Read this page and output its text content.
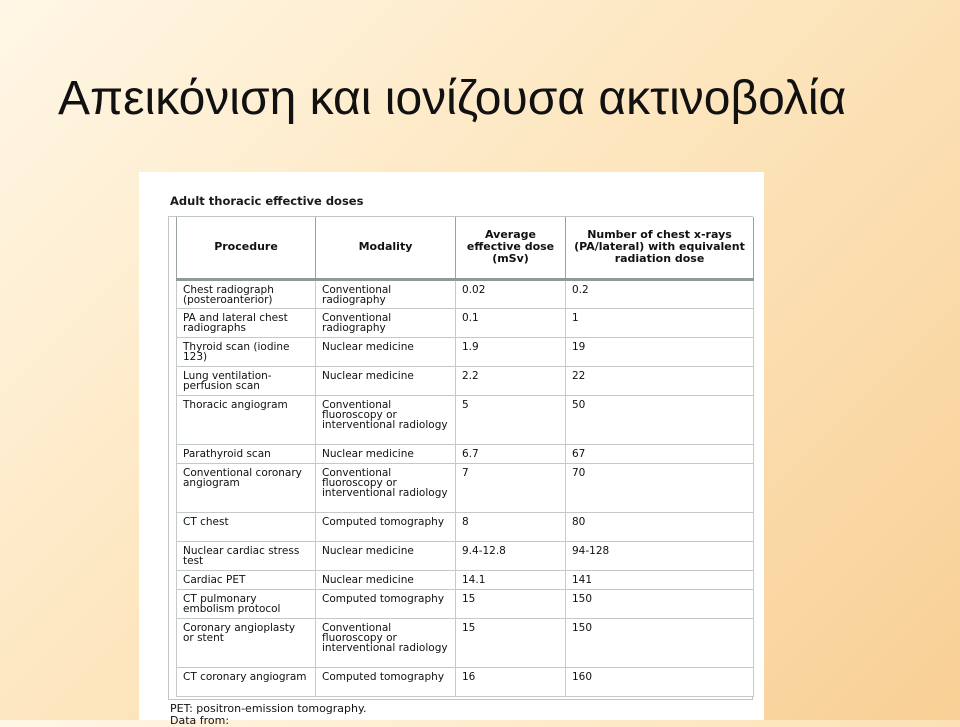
Απεικόνιση και ιονίζουσα ακτινοβολία
Adult thoracic effective doses
Procedure	Modality	Average effective dose (mSv)	Number of chest x-rays (PA/lateral) with equivalent radiation dose
Chest radiograph (posteroanterior)	Conventional radiography	0.02	0.2
PA and lateral chest radiographs	Conventional radiography	0.1	1
Thyroid scan (iodine 123)	Nuclear medicine	1.9	19
Lung ventilation-perfusion scan	Nuclear medicine	2.2	22
Thoracic angiogram	Conventional fluoroscopy or interventional radiology	5	50
Parathyroid scan	Nuclear medicine	6.7	67
Conventional coronary angiogram	Conventional fluoroscopy or interventional radiology	7	70
CT chest	Computed tomography	8	80
Nuclear cardiac stress test	Nuclear medicine	9.4-12.8	94-128
Cardiac PET	Nuclear medicine	14.1	141
CT pulmonary embolism protocol	Computed tomography	15	150
Coronary angioplasty or stent	Conventional fluoroscopy or interventional radiology	15	150
CT coronary angiogram	Computed tomography	16	160
PET: positron-emission tomography.
Data from:
